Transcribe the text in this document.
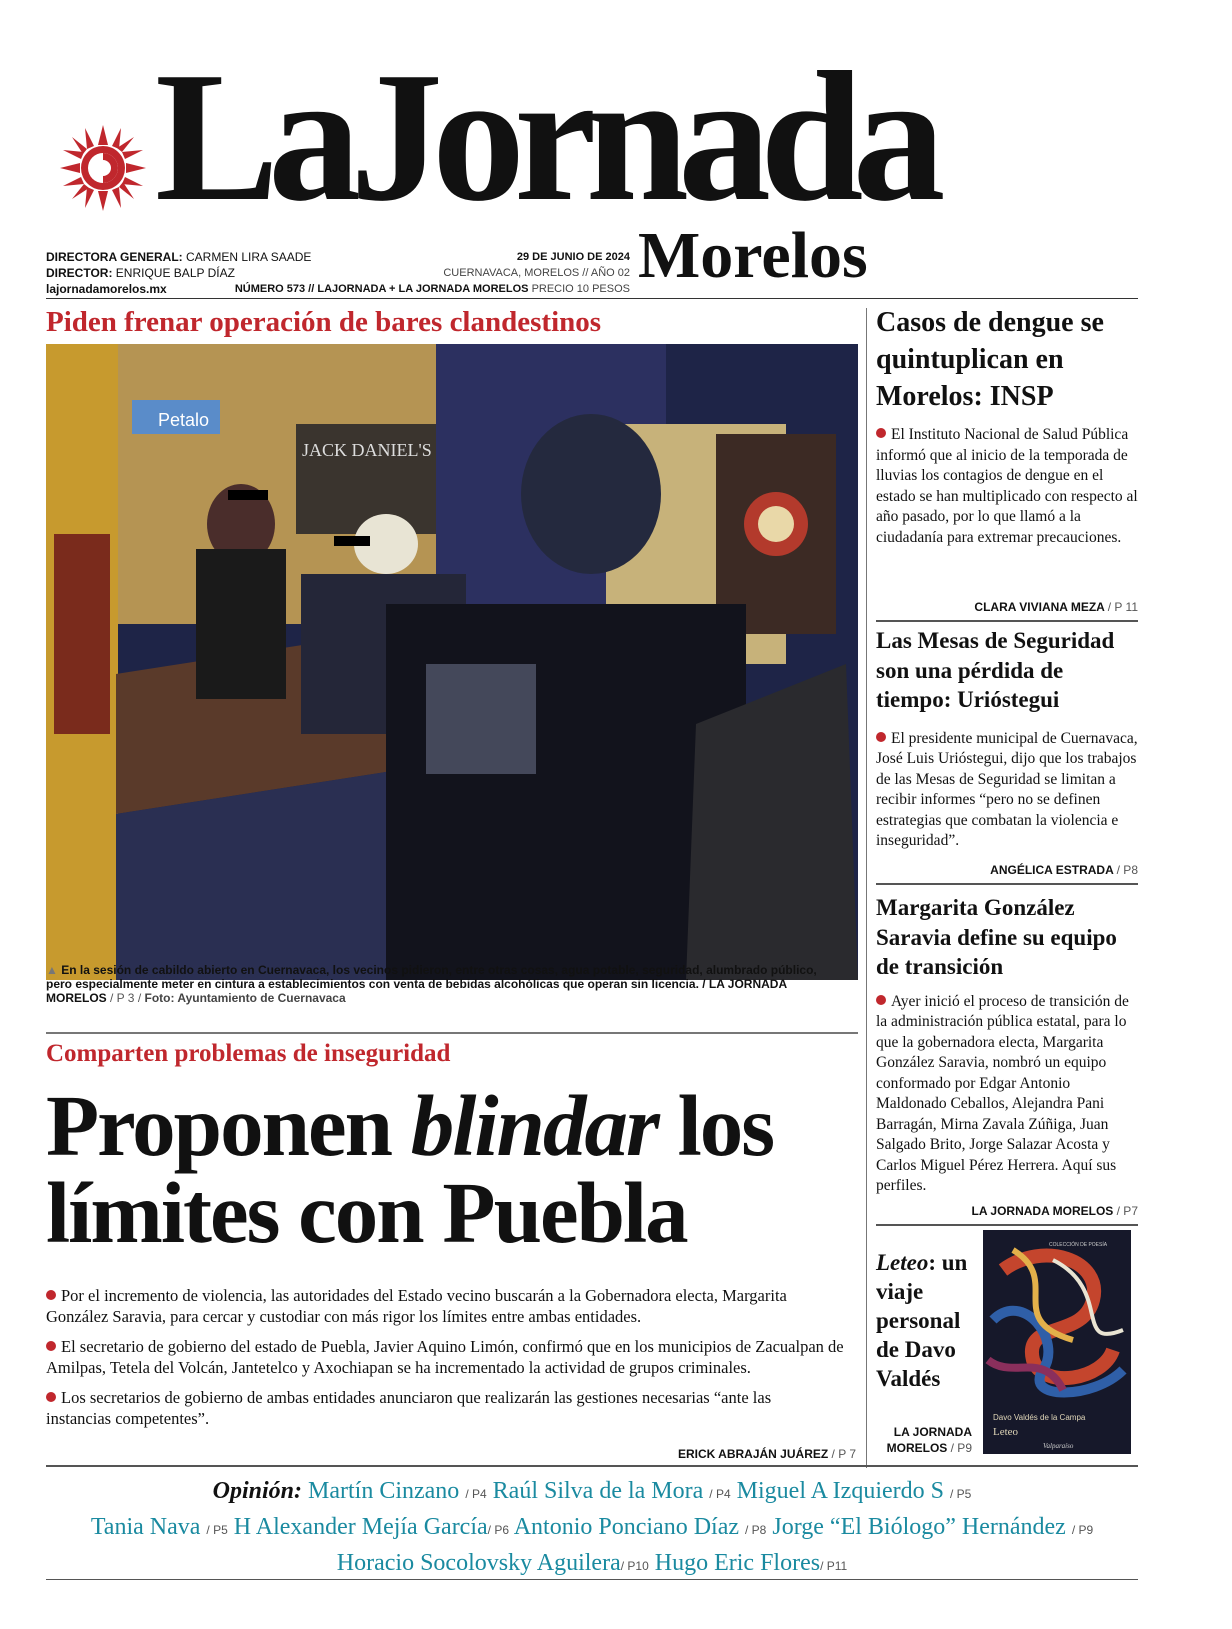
LaJornada
Morelos
DIRECTORA GENERAL: CARMEN LIRA SAADE
DIRECTOR: ENRIQUE BALP DÍAZ
lajornadamorelos.mx
29 DE JUNIO DE 2024
CUERNAVACA, MORELOS // AÑO 02
NÚMERO 573 // LAJORNADA + LA JORNADA MORELOS PRECIO 10 PESOS
Piden frenar operación de bares clandestinos
Petalo
JACK DANIEL'S
▲ En la sesión de cabildo abierto en Cuernavaca, los vecinos pidieron, entre otras cosas, agua potable, seguridad, alumbrado público, pero especialmente meter en cintura a establecimientos con venta de bebidas alcohólicas que operan sin licencia. / LA JORNADA MORELOS / P 3 / Foto: Ayuntamiento de Cuernavaca
Comparten problemas de inseguridad
Proponen blindar los límites con Puebla

Por el incremento de violencia, las autoridades del Estado vecino buscarán a la Gobernadora electa, Margarita González Saravia, para cercar y custodiar con más rigor los límites entre ambas entidades.

El secretario de gobierno del estado de Puebla, Javier Aquino Limón, confirmó que en los municipios de Zacualpan de Amilpas, Tetela del Volcán, Jantetelco y Axochiapan se ha incrementado la actividad de grupos criminales.

Los secretarios de gobierno de ambas entidades anunciaron que realizarán las gestiones necesarias “ante las instancias competentes”.

ERICK ABRAJÁN JUÁREZ / P 7
Casos de dengue se quintuplican en Morelos: INSP

El Instituto Nacional de Salud Pública informó que al inicio de la temporada de lluvias los contagios de dengue en el estado se han multiplicado con respecto al año pasado, por lo que llamó a la ciudadanía para extremar precauciones.

CLARA VIVIANA MEZA / P 11
Las Mesas de Seguridad son una pérdida de tiempo: Urióstegui

El presidente municipal de Cuernavaca, José Luis Urióstegui, dijo que los trabajos de las Mesas de Seguridad se limitan a recibir informes “pero no se definen estrategias que combatan la violencia e inseguridad”.

ANGÉLICA ESTRADA / P8
Margarita González Saravia define su equipo de transición

Ayer inició el proceso de transición de la administración pública estatal, para lo que la gobernadora electa, Margarita González Saravia, nombró un equipo conformado por Edgar Antonio Maldonado Ceballos, Alejandra Pani Barragán, Mirna Zavala Zúñiga, Juan Salgado Brito, Jorge Salazar Acosta y Carlos Miguel Pérez Herrera. Aquí sus perfiles.

LA JORNADA MORELOS / P7
Leteo: un viaje personal de Davo Valdés
LA JORNADA
MORELOS / P9
COLECCIÓN DE POESÍA
Davo Valdés de la Campa
Leteo
Valparaíso
Opinión: Martín Cinzano / P4 Raúl Silva de la Mora / P4 Miguel A Izquierdo S / P5
Tania Nava / P5 H Alexander Mejía García/ P6 Antonio Ponciano Díaz / P8 Jorge “El Biólogo” Hernández / P9
Horacio Socolovsky Aguilera/ P10 Hugo Eric Flores/ P11
